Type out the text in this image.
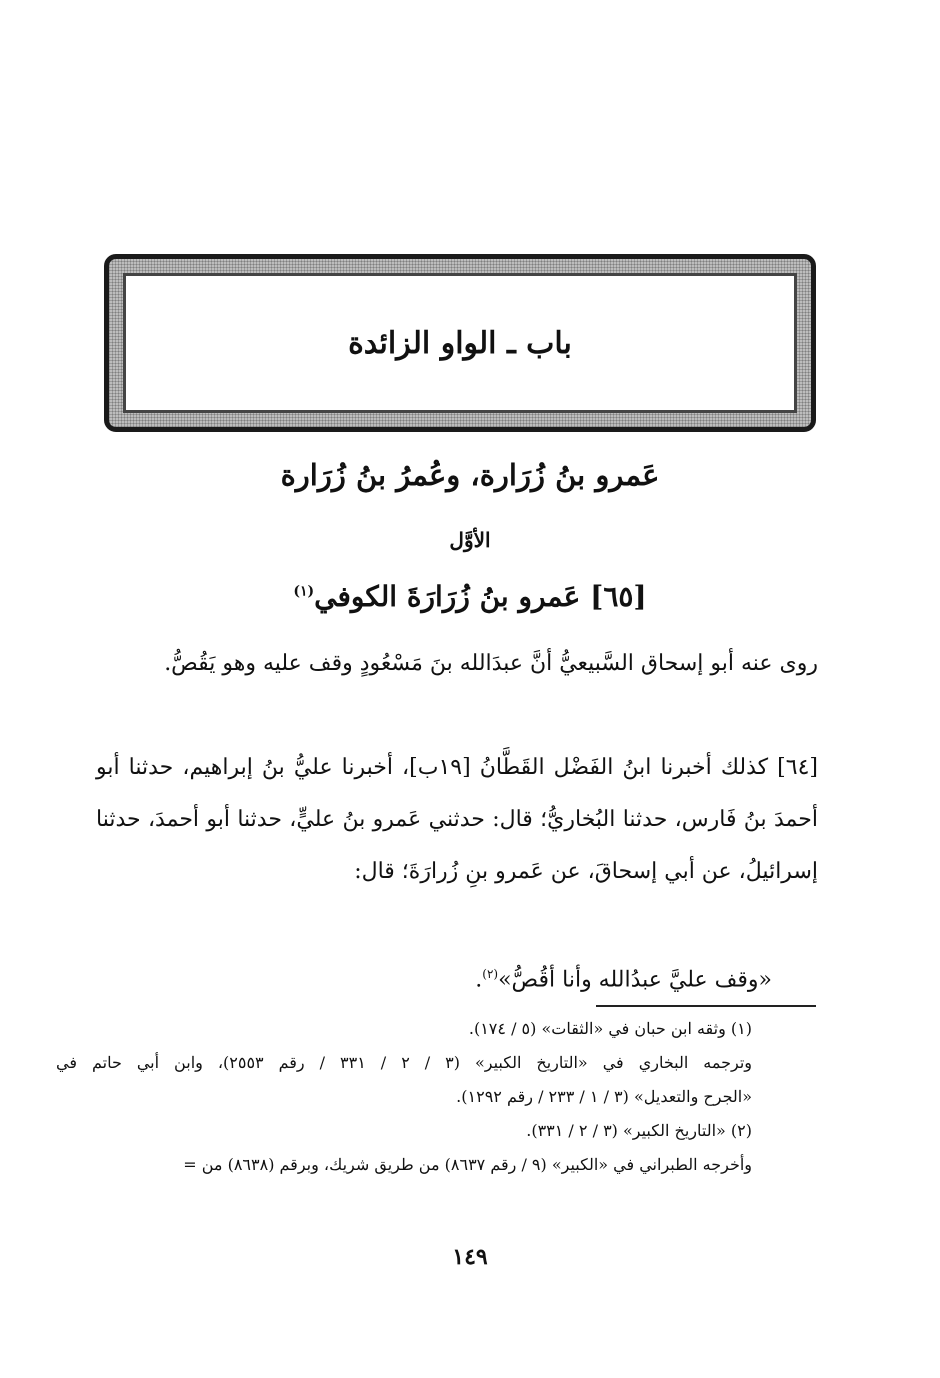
باب ـ الواو الزائدة
عَمرو بنُ زُرَارة، وعُمرُ بنُ زُرَارة
الأوَّل
[٦٥] عَمرو بنُ زُرَارَةَ الكوفي$^{(١)}$

روى عنه أبو إسحاق السَّبيعيُّ أنَّ عبدَالله بنَ مَسْعُودٍ وقف عليه وهو يَقُصُّ.

[٦٤] كذلك أخبرنا ابنُ الفَضْل القَطَّانُ [١٩ب]، أخبرنا عليُّ بنُ إبراهيم، حدثنا أبو أحمدَ بنُ فَارس، حدثنا البُخاريُّ؛ قال: حدثني عَمرو بنُ عليٍّ، حدثنا أبو أحمدَ، حدثنا إسرائيلُ، عن أبي إسحاقَ، عن عَمرو بنِ زُرارَةَ؛ قال:

«وقف عليَّ عبدُالله وأنا أقُصُّ»$^{(٢)}$.
(١) وثقه ابن حبان في «الثقات» (٥ / ١٧٤).
وترجمه البخاري في «التاريخ الكبير» (٣ / ٢ / ٣٣١ / رقم ٢٥٥٣)، وابن أبي حاتم في
«الجرح والتعديل» (٣ / ١ / ٢٣٣ / رقم ١٢٩٢).
(٢) «التاريخ الكبير» (٣ / ٢ / ٣٣١).
وأخرجه الطبراني في «الكبير» (٩ / رقم ٨٦٣٧) من طريق شريك، وبرقم (٨٦٣٨) من =
١٤٩
